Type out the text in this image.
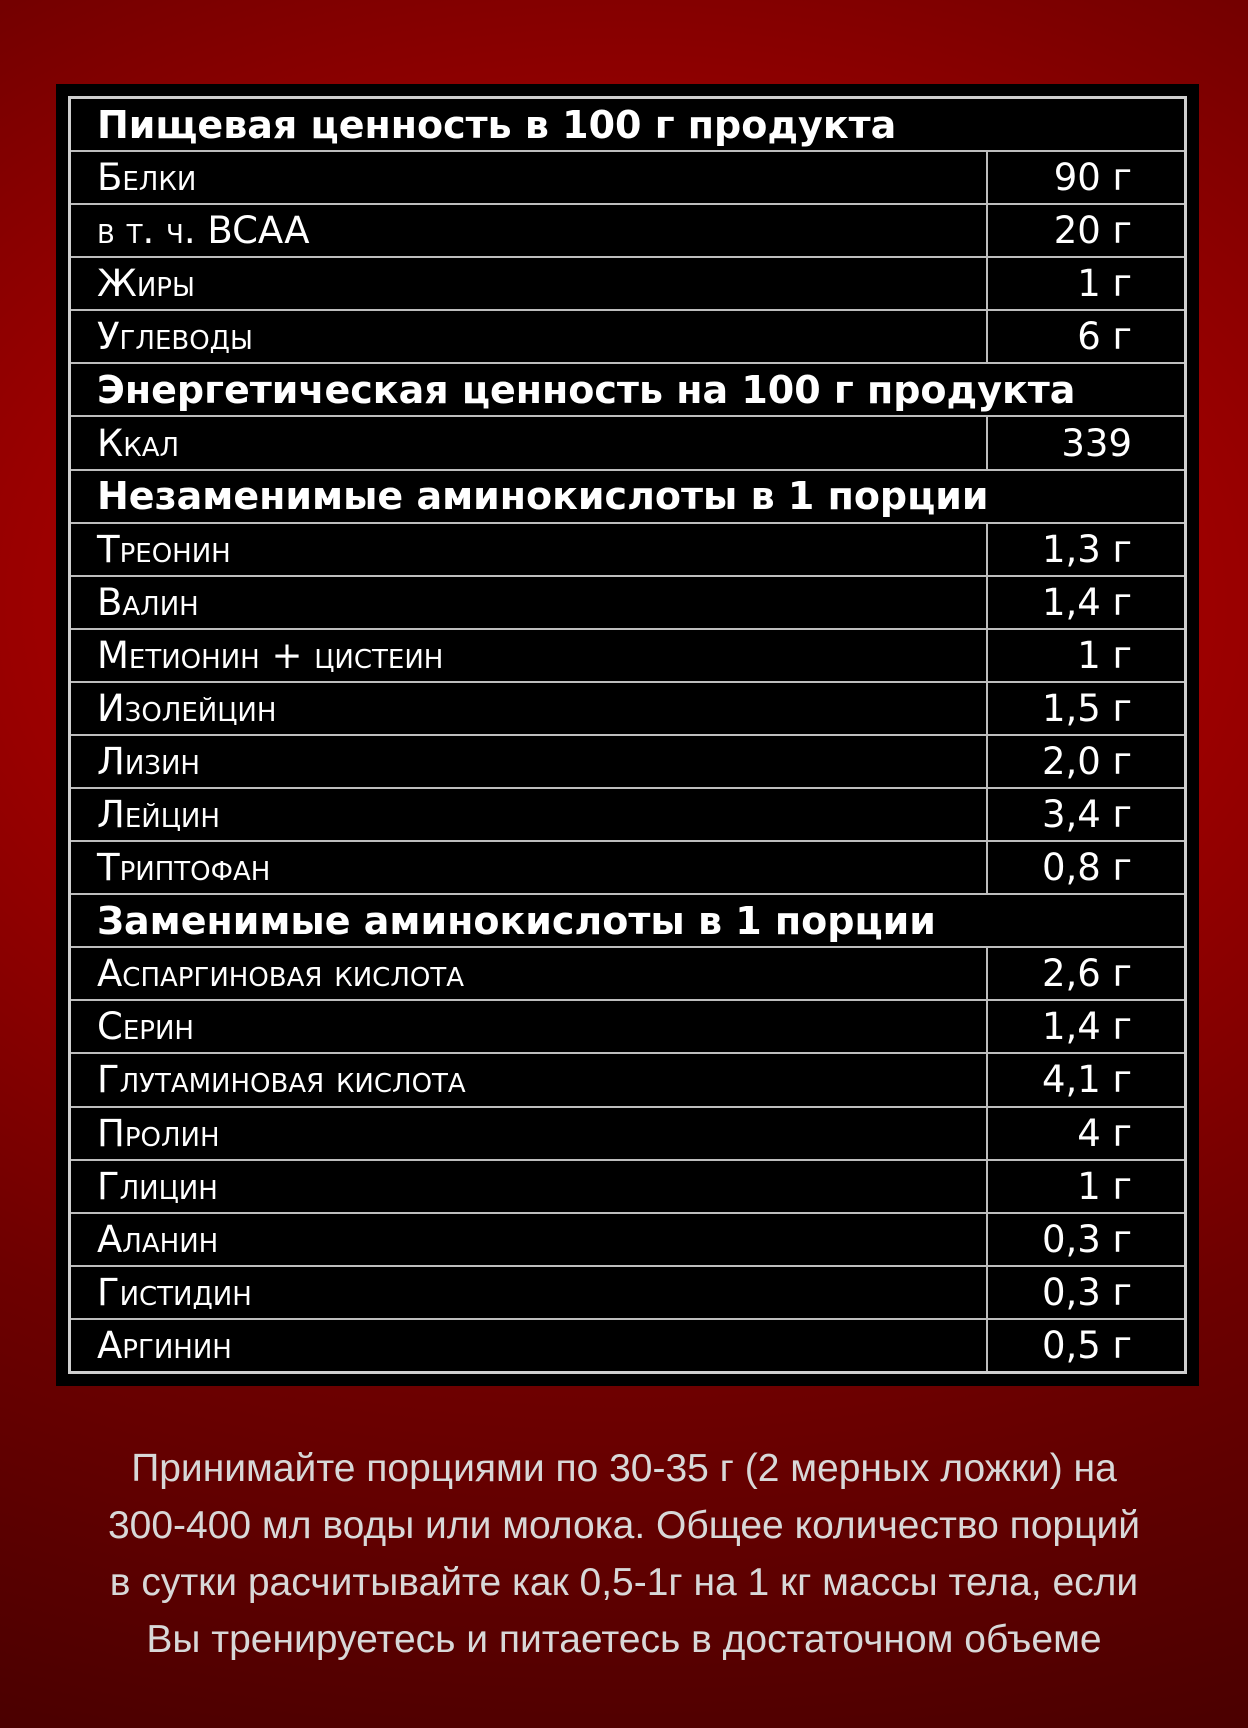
Пищевая ценность в 100 г продукта	
Белки	90 г
в т. ч. BCAA	20 г
Жиры	1 г
Углеводы	6 г
Энергетическая ценность на 100 г продукта	
Ккал	339
Незаменимые аминокислоты в 1 порции	
Треонин	1,3 г
Валин	1,4 г
Метионин + цистеин	1 г
Изолейцин	1,5 г
Лизин	2,0 г
Лейцин	3,4 г
Триптофан	0,8 г
Заменимые аминокислоты в 1 порции	
Аспаргиновая кислота	2,6 г
Серин	1,4 г
Глутаминовая кислота	4,1 г
Пролин	4 г
Глицин	1 г
Аланин	0,3 г
Гистидин	0,3 г
Аргинин	0,5 г
Принимайте порциями по 30-35 г (2 мерных ложки) на
300-400 мл воды или молока. Общее количество порций
в сутки расчитывайте как 0,5-1г на 1 кг массы тела, если
Вы тренируетесь и питаетесь в достаточном объеме
